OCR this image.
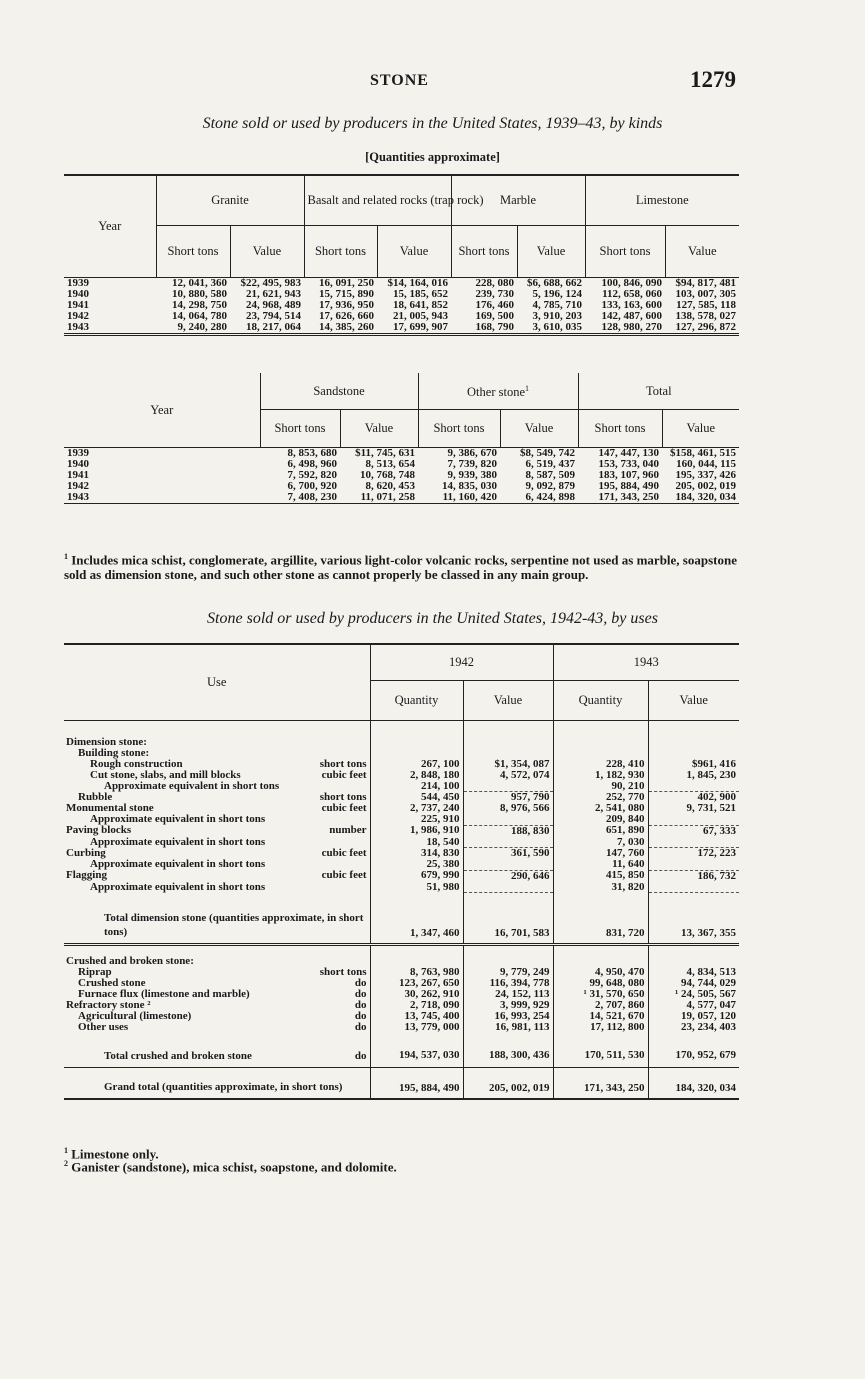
STONE	1279
Stone sold or used by producers in the United States, 1939–43, by kinds
[Quantities approximate]
Year	Granite		Basalt and related rocks (trap rock)		Marble		Limestone	
	Short tons	Value	Short tons	Value	Short tons	Value	Short tons	Value
1939	12, 041, 360	$22, 495, 983	16, 091, 250	$14, 164, 016	228, 080	$6, 688, 662	100, 846, 090	$94, 817, 481
1940	10, 880, 580	21, 621, 943	15, 715, 890	15, 185, 652	239, 730	5, 196, 124	112, 658, 060	103, 007, 305
1941	14, 298, 750	24, 968, 489	17, 936, 950	18, 641, 852	176, 460	4, 785, 710	133, 163, 600	127, 585, 118
1942	14, 064, 780	23, 794, 514	17, 626, 660	21, 005, 943	169, 500	3, 910, 203	142, 487, 600	138, 578, 027
1943	9, 240, 280	18, 217, 064	14, 385, 260	17, 699, 907	168, 790	3, 610, 035	128, 980, 270	127, 296, 872
Year	Sandstone		Other stone$^1$		Total	
	Short tons	Value	Short tons	Value	Short tons	Value
1939	8, 853, 680	$11, 745, 631	9, 386, 670	$8, 549, 742	147, 447, 130	$158, 461, 515
1940	6, 498, 960	8, 513, 654	7, 739, 820	6, 519, 437	153, 733, 040	160, 044, 115
1941	7, 592, 820	10, 768, 748	9, 939, 380	8, 587, 509	183, 107, 960	195, 337, 426
1942	6, 700, 920	8, 620, 453	14, 835, 030	9, 092, 879	195, 884, 490	205, 002, 019
1943	7, 408, 230	11, 071, 258	11, 160, 420	6, 424, 898	171, 343, 250	184, 320, 034
$^1$ Includes mica schist, conglomerate, argillite, various light-color volcanic rocks, serpentine not used as marble, soapstone sold as dimension stone, and such other stone as cannot properly be classed in any main group.
Stone sold or used by producers in the United States, 1942-43, by uses
Use	1942		1943	
	Quantity	Value	Quantity	Value

Dimension stone:				

Building stone:				

Rough construction short tons	267, 100	$1, 354, 087	228, 410	$961, 416

Cut stone, slabs, and mill blocks cubic feet	2, 848, 180	4, 572, 074	1, 182, 930	1, 845, 230

Approximate equivalent in short tons	214, 100		90, 210	

Rubble short tons	544, 450	957, 790	252, 770	402, 900

Monumental stone cubic feet	2, 737, 240	8, 976, 566	2, 541, 080	9, 731, 521

Approximate equivalent in short tons	225, 910		209, 840	

Paving blocks number	1, 986, 910	188, 830	651, 890	67, 333

Approximate equivalent in short tons	18, 540		7, 030	

Curbing cubic feet	314, 830	361, 590	147, 760	172, 223

Approximate equivalent in short tons	25, 380		11, 640	

Flagging cubic feet	679, 990	290, 646	415, 850	186, 732

Approximate equivalent in short tons	51, 980		31, 820	

Total dimension stone (quantities approximate, in short tons)	1, 347, 460	16, 701, 583	831, 720	13, 367, 355

Crushed and broken stone:				

Riprap short tons	8, 763, 980	9, 779, 249	4, 950, 470	4, 834, 513

Crushed stone do	123, 267, 650	116, 394, 778	99, 648, 080	94, 744, 029

Furnace flux (limestone and marble) do	30, 262, 910	24, 152, 113	¹ 31, 570, 650	¹ 24, 505, 567

Refractory stone ² do	2, 718, 090	3, 999, 929	2, 707, 860	4, 577, 047

Agricultural (limestone) do	13, 745, 400	16, 993, 254	14, 521, 670	19, 057, 120

Other uses do	13, 779, 000	16, 981, 113	17, 112, 800	23, 234, 403

Total crushed and broken stone do	194, 537, 030	188, 300, 436	170, 511, 530	170, 952, 679

Grand total (quantities approximate, in short tons)	195, 884, 490	205, 002, 019	171, 343, 250	184, 320, 034
$^1$ Limestone only.
$^2$ Ganister (sandstone), mica schist, soapstone, and dolomite.
